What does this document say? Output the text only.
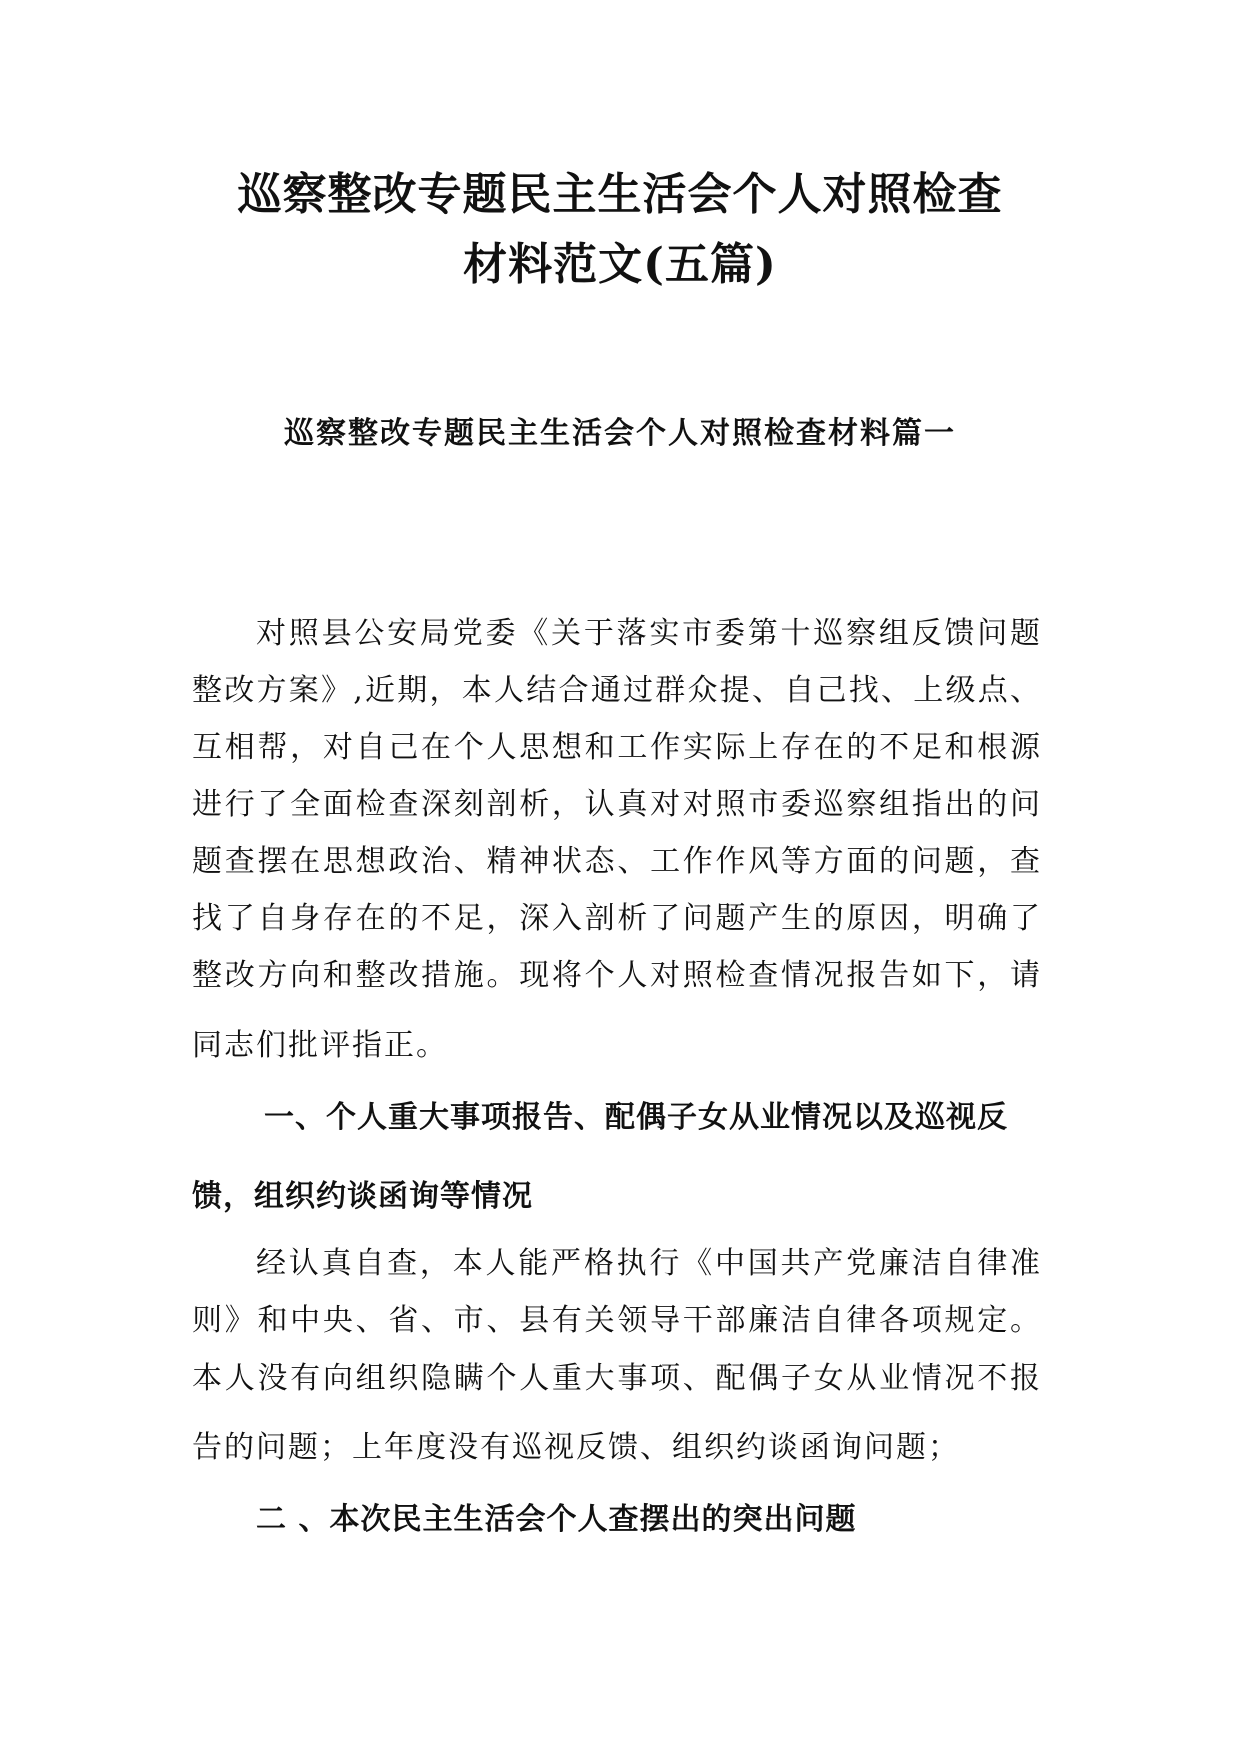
巡察整改专题民主生活会个人对照检查
材料范文(五篇)
巡察整改专题民主生活会个人对照检查材料篇一
对照县公安局党委《关于落实市委第十巡察组反馈问题
整改方案》,近期，本人结合通过群众提、自己找、上级点、
互相帮，对自己在个人思想和工作实际上存在的不足和根源
进行了全面检查深刻剖析，认真对对照市委巡察组指出的问
题查摆在思想政治、精神状态、工作作风等方面的问题，查
找了自身存在的不足，深入剖析了问题产生的原因，明确了
整改方向和整改措施。现将个人对照检查情况报告如下，请
同志们批评指正。
一、个人重大事项报告、配偶子女从业情况以及巡视反
馈，组织约谈函询等情况
经认真自查，本人能严格执行《中国共产党廉洁自律准
则》和中央、省、市、县有关领导干部廉洁自律各项规定。
本人没有向组织隐瞒个人重大事项、配偶子女从业情况不报
告的问题；上年度没有巡视反馈、组织约谈函询问题；
二 、本次民主生活会个人查摆出的突出问题
